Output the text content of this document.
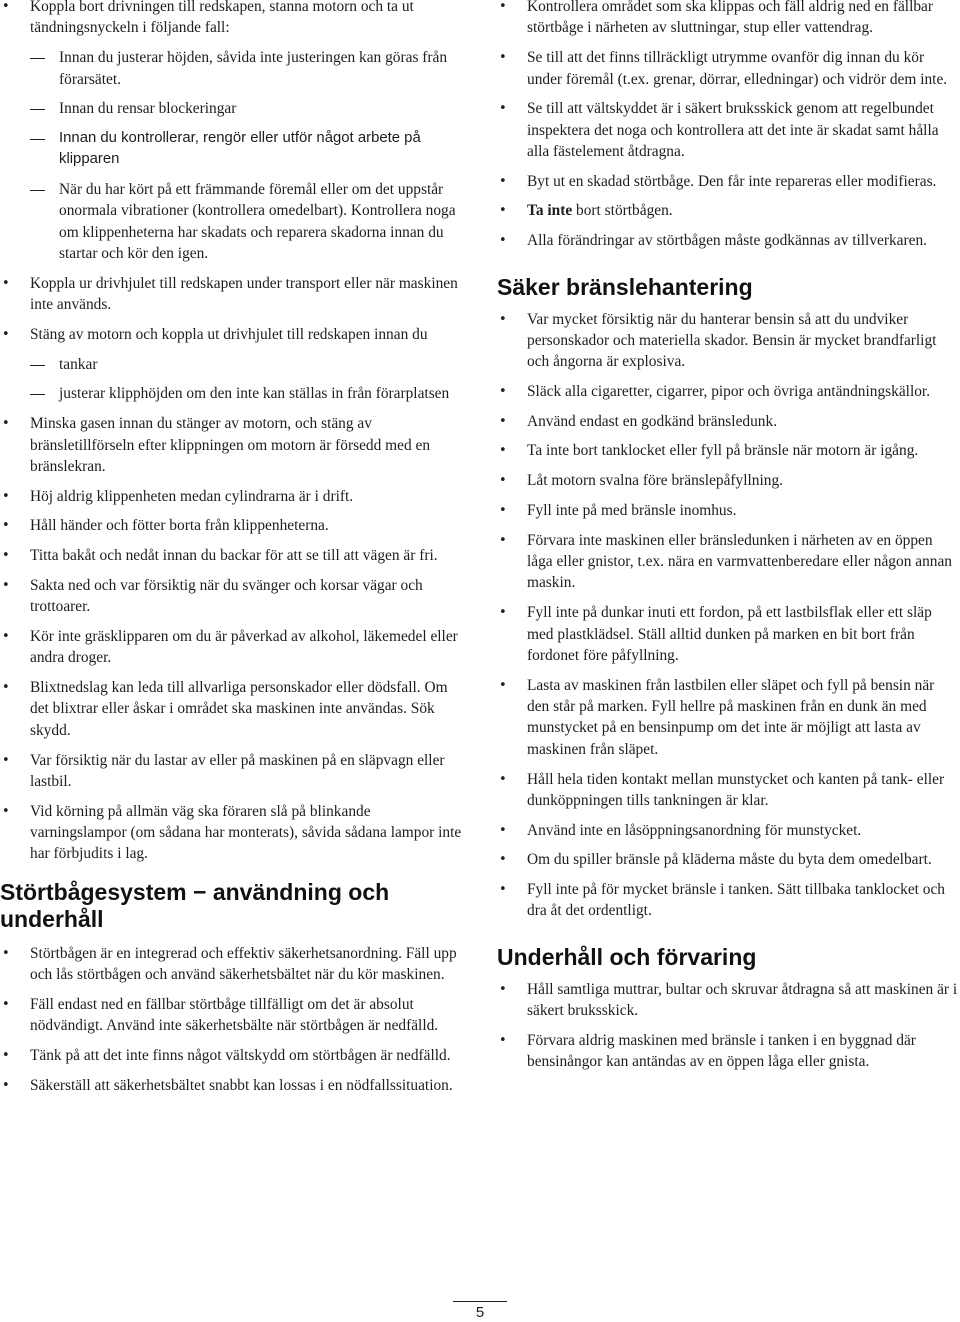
• Koppla bort drivningen till redskapen, stanna motorn och ta ut tändningsnyckeln i följande fall:
Innan du justerar höjden, såvida inte justeringen kan göras från förarsätet.
Innan du rensar blockeringar
Innan du kontrollerar, rengör eller utför något arbete på klipparen
När du har kört på ett främmande föremål eller om det uppstår onormala vibrationer (kontrollera omedelbart). Kontrollera noga om klippenheterna har skadats och reparera skadorna innan du startar och kör den igen.
• Koppla ur drivhjulet till redskapen under transport eller när maskinen inte används.
• Stäng av motorn och koppla ut drivhjulet till redskapen innan du
tankar
justerar klipphöjden om den inte kan ställas in från förarplatsen
• Minska gasen innan du stänger av motorn, och stäng av bränsletillförseln efter klippningen om motorn är försedd med en bränslekran.
• Höj aldrig klippenheten medan cylindrarna är i drift.
• Håll händer och fötter borta från klippenheterna.
• Titta bakåt och nedåt innan du backar för att se till att vägen är fri.
• Sakta ned och var försiktig när du svänger och korsar vägar och trottoarer.
• Kör inte gräsklipparen om du är påverkad av alkohol, läkemedel eller andra droger.
• Blixtnedslag kan leda till allvarliga personskador eller dödsfall. Om det blixtrar eller åskar i området ska maskinen inte användas. Sök skydd.
• Var försiktig när du lastar av eller på maskinen på en släpvagn eller lastbil.
• Vid körning på allmän väg ska föraren slå på blinkande varningslampor (om sådana har monterats), såvida sådana lampor inte har förbjudits i lag.
Störtbågesystem − användning och underhåll
• Störtbågen är en integrerad och effektiv säkerhetsanordning. Fäll upp och lås störtbågen och använd säkerhetsbältet när du kör maskinen.
• Fäll endast ned en fällbar störtbåge tillfälligt om det är absolut nödvändigt. Använd inte säkerhetsbälte när störtbågen är nedfälld.
• Tänk på att det inte finns något vältskydd om störtbågen är nedfälld.
• Säkerställ att säkerhetsbältet snabbt kan lossas i en nödfallssituation.
• Kontrollera området som ska klippas och fäll aldrig ned en fällbar störtbåge i närheten av sluttningar, stup eller vattendrag.
• Se till att det finns tillräckligt utrymme ovanför dig innan du kör under föremål (t.ex. grenar, dörrar, elledningar) och vidrör dem inte.
• Se till att vältskyddet är i säkert bruksskick genom att regelbundet inspektera det noga och kontrollera att det inte är skadat samt hålla alla fästelement åtdragna.
• Byt ut en skadad störtbåge. Den får inte repareras eller modifieras.
• Ta inte bort störtbågen.
• Alla förändringar av störtbågen måste godkännas av tillverkaren.
Säker bränslehantering
• Var mycket försiktig när du hanterar bensin så att du undviker personskador och materiella skador. Bensin är mycket brandfarligt och ångorna är explosiva.
• Släck alla cigaretter, cigarrer, pipor och övriga antändningskällor.
• Använd endast en godkänd bränsledunk.
• Ta inte bort tanklocket eller fyll på bränsle när motorn är igång.
• Låt motorn svalna före bränslepåfyllning.
• Fyll inte på med bränsle inomhus.
• Förvara inte maskinen eller bränsledunken i närheten av en öppen låga eller gnistor, t.ex. nära en varmvattenberedare eller någon annan maskin.
• Fyll inte på dunkar inuti ett fordon, på ett lastbilsflak eller ett släp med plastklädsel. Ställ alltid dunken på marken en bit bort från fordonet före påfyllning.
• Lasta av maskinen från lastbilen eller släpet och fyll på bensin när den står på marken. Fyll hellre på maskinen från en dunk än med munstycket på en bensinpump om det inte är möjligt att lasta av maskinen från släpet.
• Håll hela tiden kontakt mellan munstycket och kanten på tank- eller dunköppningen tills tankningen är klar.
• Använd inte en låsöppningsanordning för munstycket.
• Om du spiller bränsle på kläderna måste du byta dem omedelbart.
• Fyll inte på för mycket bränsle i tanken. Sätt tillbaka tanklocket och dra åt det ordentligt.
Underhåll och förvaring
• Håll samtliga muttrar, bultar och skruvar åtdragna så att maskinen är i säkert bruksskick.
• Förvara aldrig maskinen med bränsle i tanken i en byggnad där bensinångor kan antändas av en öppen låga eller gnista.
5
